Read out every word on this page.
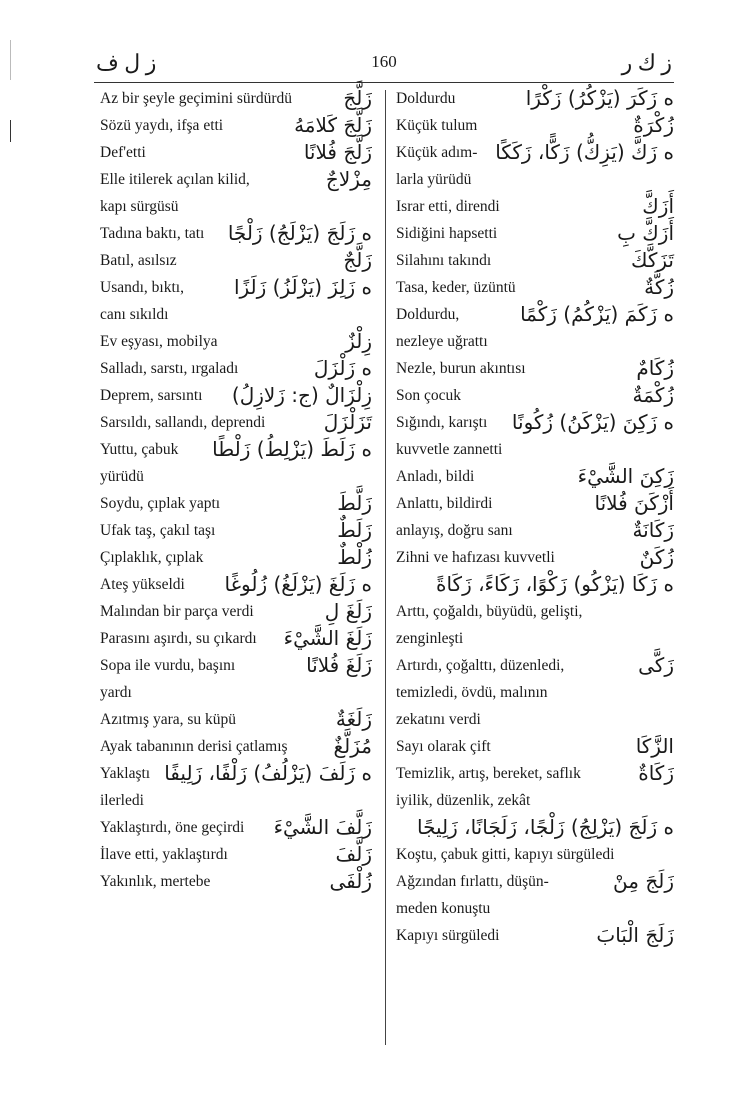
ز ل ف	160	ز ك ر
Az bir şeyle geçimini sürdürdü	زَلَّجَ
Sözü yaydı, ifşa etti	زَلَّجَ كَلامَهُ
Def'etti	زَلَّجَ فُلانًا
Elle itilerek açılan kilid,	مِزْلاجٌ
kapı sürgüsü
Tadına baktı, tatı ه زَلَجَ (يَزْلَجُ) زَلْجًا
Batıl, asılsız	زَلَّجٌ
Usandı, bıktı,	ه زَلِزَ (يَزْلَزُ) زَلَزًا
canı sıkıldı
Ev eşyası, mobilya	زِلْزٌ
Salladı, sarstı, ırgaladı	ه زَلْزَلَ
Deprem, sarsıntı زِلْزَالٌ (ج: زَلازِلُ)
Sarsıldı, sallandı, deprendi	تَزَلْزَلَ
Yuttu, çabuk ه زَلَطَ (يَزْلِطُ) زَلْطًا
yürüdü
Soydu, çıplak yaptı	زَلَّطَ
Ufak taş, çakıl taşı	زَلَطٌ
Çıplaklık, çıplak	زُلْطٌ
Ateş yükseldi ه زَلَغَ (يَزْلَغُ) زُلُوغًا
Malından bir parça verdi	زَلَغَ لِ
Parasını aşırdı, su çıkardı زَلَغَ الشَّيْءَ
Sopa ile vurdu, başını	زَلَغَ فُلانًا
yardı
Azıtmış yara, su küpü	زَلَغَةٌ
Ayak tabanının derisi çatlamış مُزَلَّغٌ
Yaklaştı ه زَلَفَ (يَزْلُفُ) زَلْفًا، زَلِيفًا
ilerledi
Yaklaştırdı, öne geçirdi زَلَّفَ الشَّيْءَ
İlave etti, yaklaştırdı	زَلَّفَ
Yakınlık, mertebe	زُلْفَى
Doldurdu	ه زَكَرَ (يَزْكُرُ) زَكْرًا
Küçük tulum	زُكْرَةٌ
Küçük adım- ه زَكَّ (يَزِكُّ) زَكًّا، زَكَكًا
larla yürüdü
Israr etti, direndi	أَزَكَّ
Sidiğini hapsetti	أَزَكَّ بِ
Silahını takındı	تَزَكَّكَ
Tasa, keder, üzüntü	زُكَّةٌ
Doldurdu,	ه زَكَمَ (يَزْكُمُ) زَكْمًا
nezleye uğrattı
Nezle, burun akıntısı	زُكَامٌ
Son çocuk	زُكْمَةٌ
Sığındı, karıştı ه زَكِنَ (يَزْكَنُ) زُكُونًا
kuvvetle zannetti
Anladı, bildi	زَكِنَ الشَّيْءَ
Anlattı, bildirdi	أَزْكَنَ فُلانًا
anlayış, doğru sanı	زَكَانَةٌ
Zihni ve hafızası kuvvetli	زُكَنٌ
ه زَكَا (يَزْكُو) زَكْوًا، زَكَاءً، زَكَاةً
Arttı, çoğaldı, büyüdü, gelişti,
zenginleşti
Artırdı, çoğalttı, düzenledi,	زَكَّى
temizledi, övdü, malının
zekatını verdi
Sayı olarak çift	الزَّكَا
Temizlik, artış, bereket, saflık	زَكَاةٌ
iyilik, düzenlik, zekât
ه زَلَجَ (يَزْلِجُ) زَلْجًا، زَلَجَانًا، زَلِيجًا
Koştu, çabuk gitti, kapıyı sürgüledi
Ağzından fırlattı, düşün-	زَلَجَ مِنْ
meden konuştu
Kapıyı sürgüledi	زَلَجَ الْبَابَ
